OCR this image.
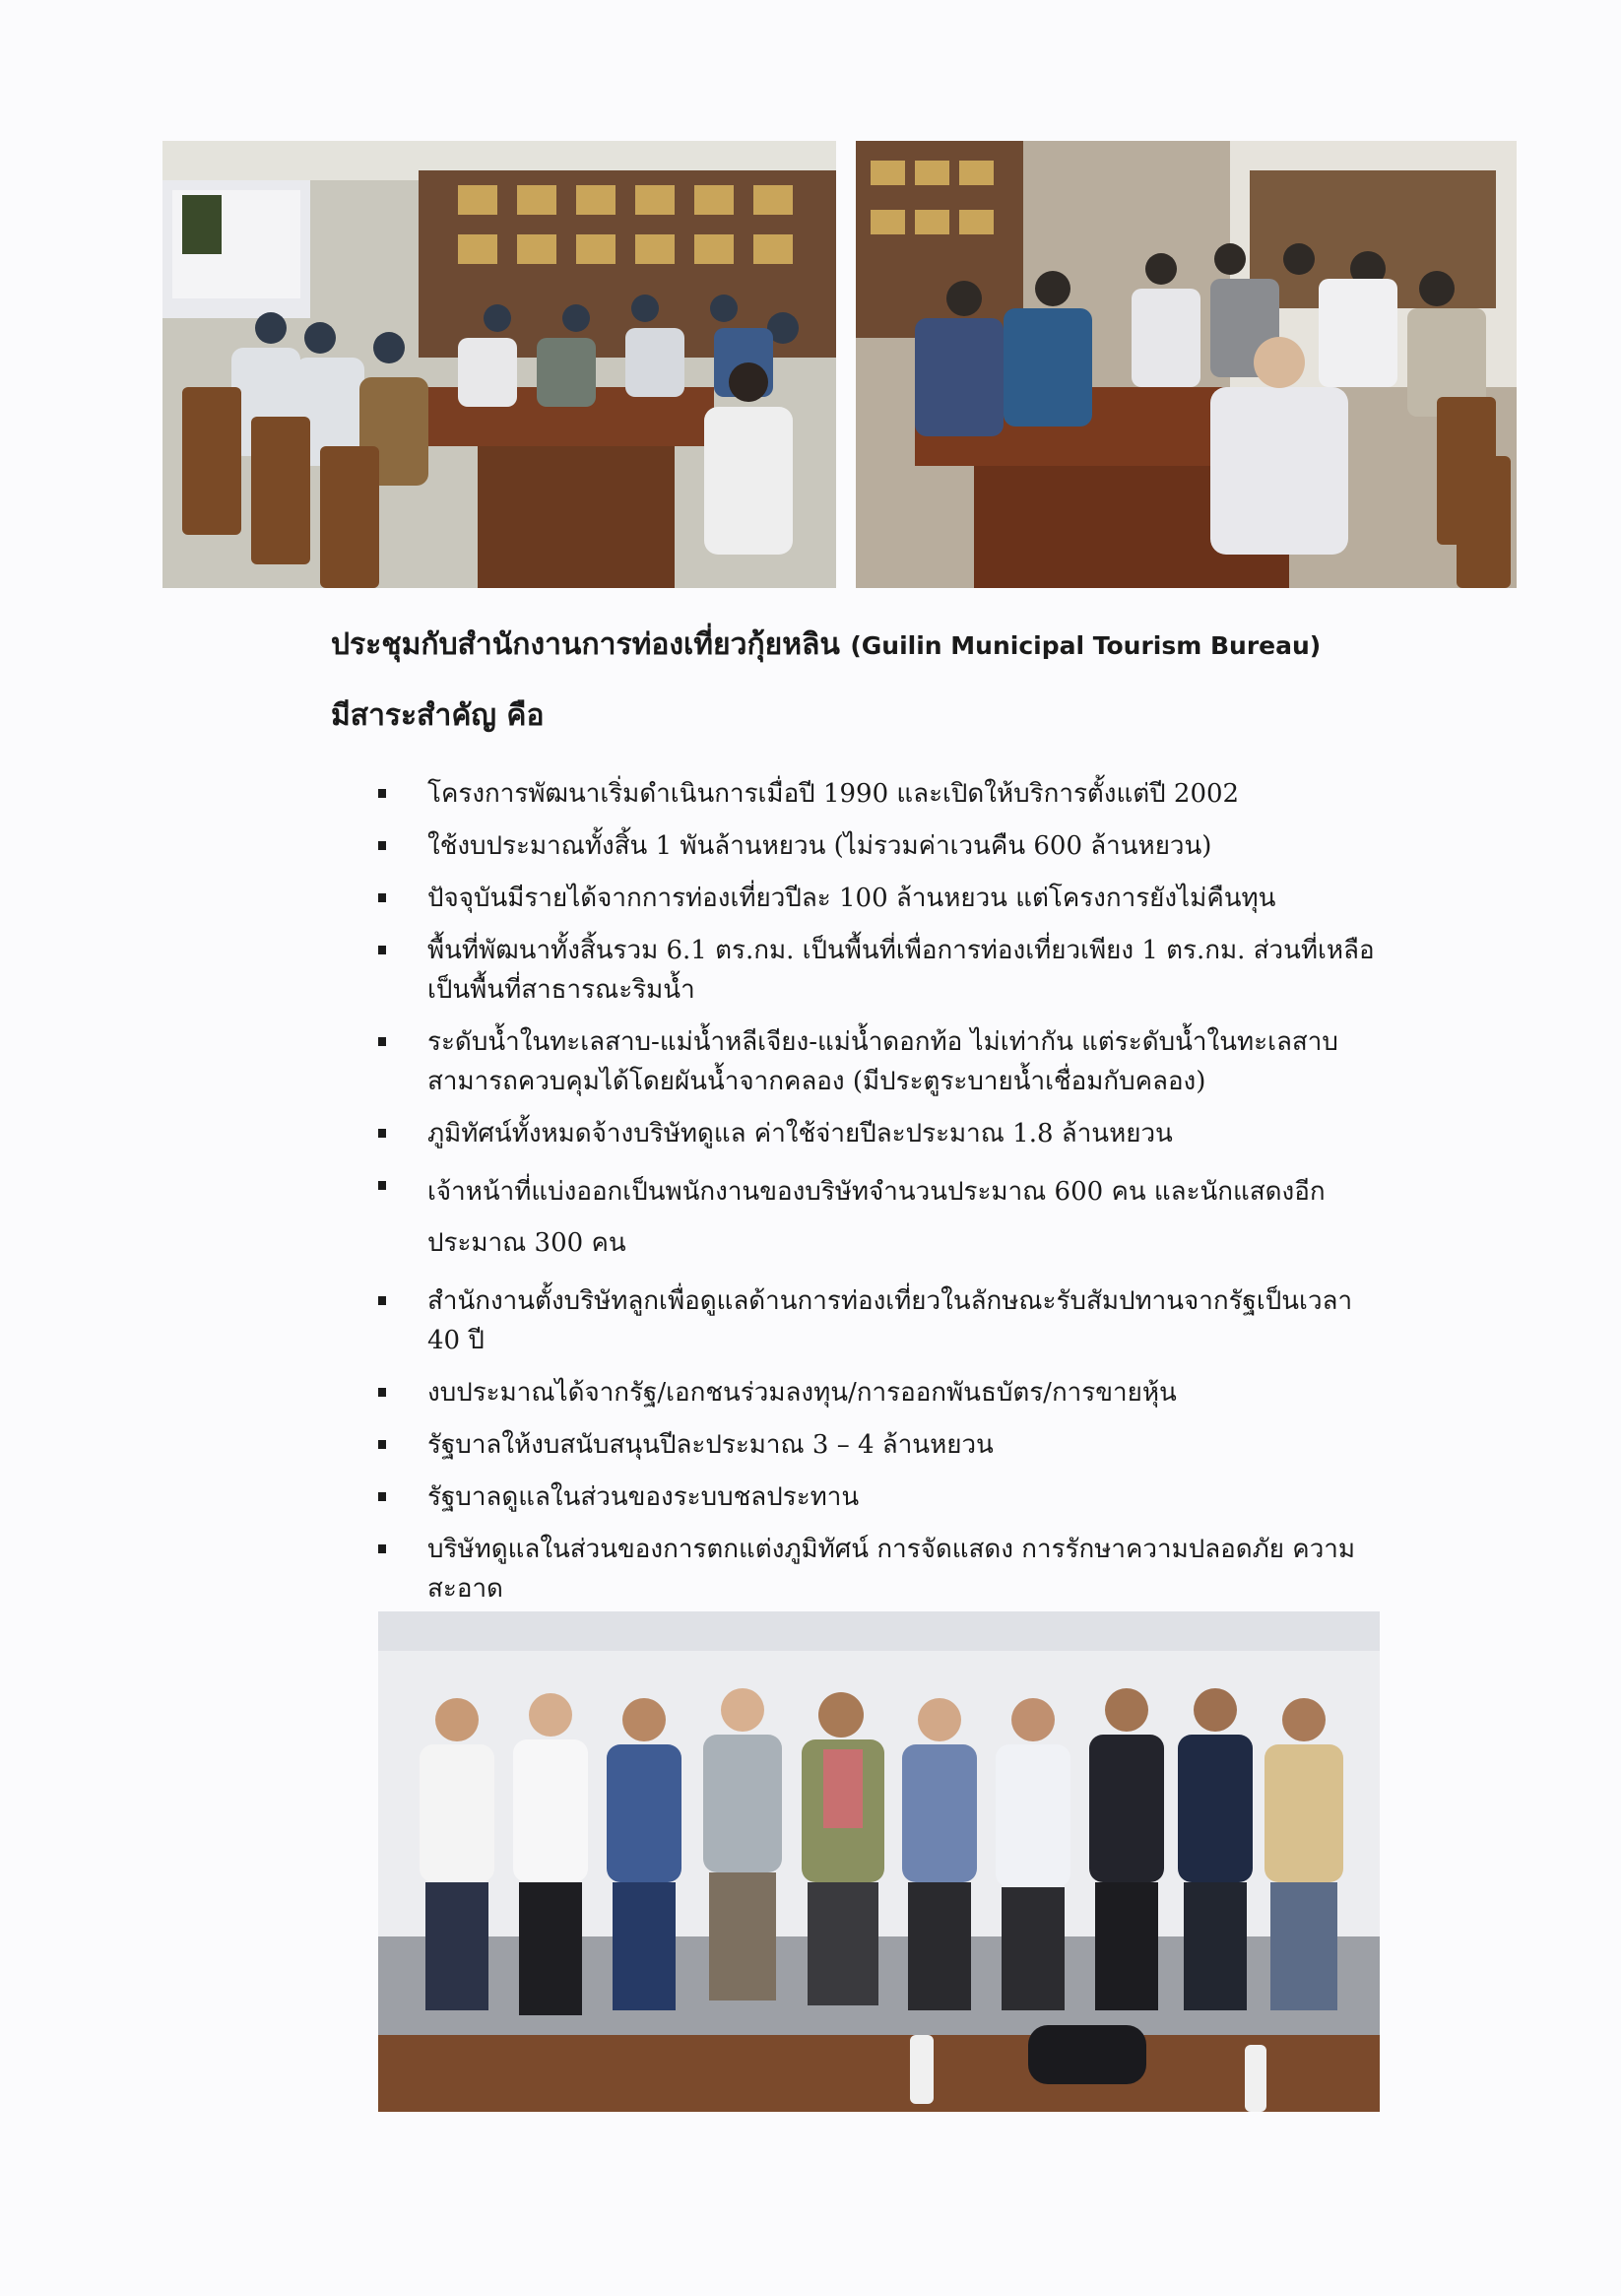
ประชุมกับสำนักงานการท่องเที่ยวกุ้ยหลิน (Guilin Municipal Tourism Bureau)
มีสาระสำคัญ คือ
โครงการพัฒนาเริ่มดำเนินการเมื่อปี 1990 และเปิดให้บริการตั้งแต่ปี 2002
ใช้งบประมาณทั้งสิ้น 1 พันล้านหยวน (ไม่รวมค่าเวนคืน 600 ล้านหยวน)
ปัจจุบันมีรายได้จากการท่องเที่ยวปีละ 100 ล้านหยวน แต่โครงการยังไม่คืนทุน
พื้นที่พัฒนาทั้งสิ้นรวม 6.1 ตร.กม. เป็นพื้นที่เพื่อการท่องเที่ยวเพียง 1 ตร.กม. ส่วนที่เหลือเป็นพื้นที่สาธารณะริมน้ำ
ระดับน้ำในทะเลสาบ-แม่น้ำหลีเจียง-แม่น้ำดอกท้อ ไม่เท่ากัน แต่ระดับน้ำในทะเลสาบสามารถควบคุมได้โดยผันน้ำจากคลอง (มีประตูระบายน้ำเชื่อมกับคลอง)
ภูมิทัศน์ทั้งหมดจ้างบริษัทดูแล ค่าใช้จ่ายปีละประมาณ 1.8 ล้านหยวน
เจ้าหน้าที่แบ่งออกเป็นพนักงานของบริษัทจำนวนประมาณ 600 คน และนักแสดงอีกประมาณ 300 คน
สำนักงานตั้งบริษัทลูกเพื่อดูแลด้านการท่องเที่ยวในลักษณะรับสัมปทานจากรัฐเป็นเวลา 40 ปี
งบประมาณได้จากรัฐ/เอกชนร่วมลงทุน/การออกพันธบัตร/การขายหุ้น
รัฐบาลให้งบสนับสนุนปีละประมาณ 3 – 4 ล้านหยวน
รัฐบาลดูแลในส่วนของระบบชลประทาน
บริษัทดูแลในส่วนของการตกแต่งภูมิทัศน์ การจัดแสดง การรักษาความปลอดภัย ความสะอาด
